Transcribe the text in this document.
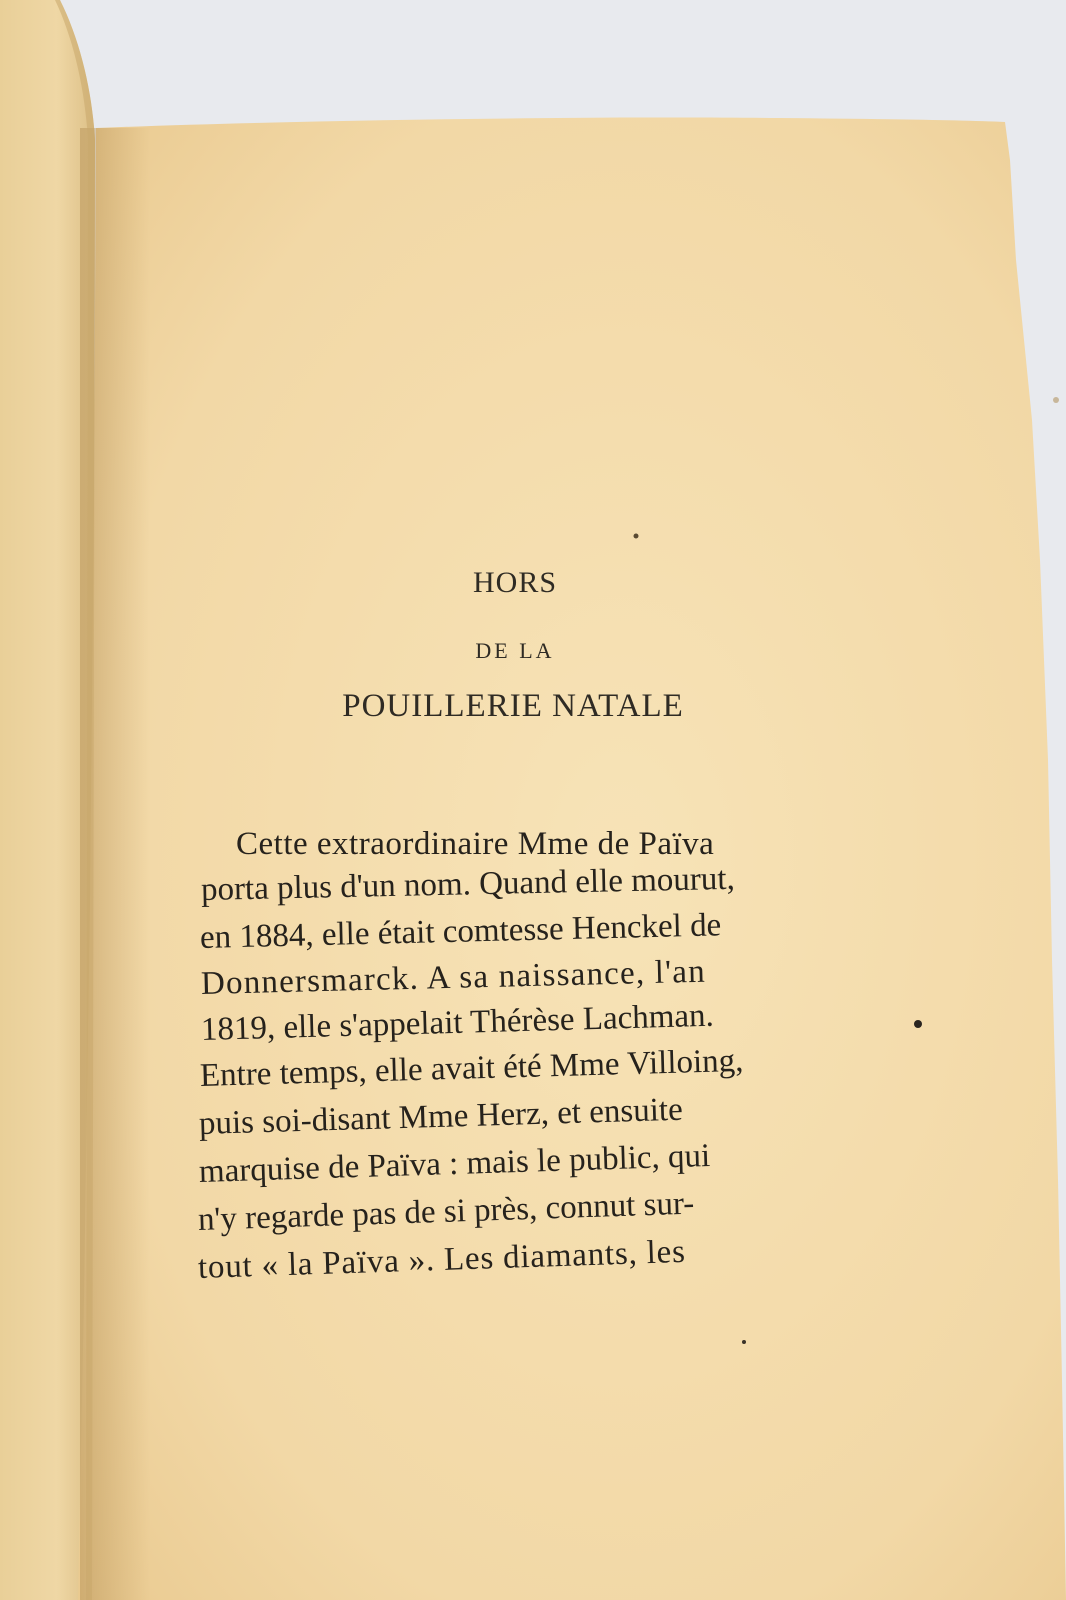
HORS
DE LA
POUILLERIE NATALE
Cette extraordinaire Mme de Païva
porta plus d'un nom. Quand elle mourut,
en 1884, elle était comtesse Henckel de
Donnersmarck. A sa naissance, l'an
1819, elle s'appelait Thérèse Lachman.
Entre temps, elle avait été Mme Villoing,
puis soi-disant Mme Herz, et ensuite
marquise de Païva : mais le public, qui
n'y regarde pas de si près, connut sur-
tout « la Païva ». Les diamants, les
